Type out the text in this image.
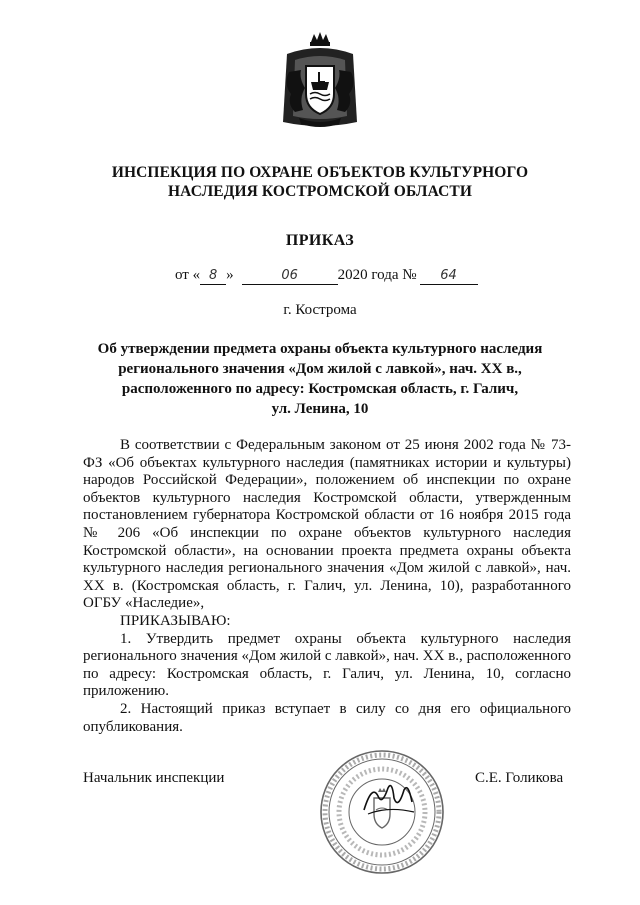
ИНСПЕКЦИЯ ПО ОХРАНЕ ОБЪЕКТОВ КУЛЬТУРНОГО
НАСЛЕДИЯ КОСТРОМСКОЙ ОБЛАСТИ
ПРИКАЗ
от « 8 »	06	2020 года № 64
г. Кострома
Об утверждении предмета охраны объекта культурного наследия
регионального значения «Дом жилой с лавкой», нач. XX в.,
расположенного по адресу: Костромская область, г. Галич,
ул. Ленина, 10

В соответствии с Федеральным законом от 25 июня 2002 года № 73-ФЗ «Об объектах культурного наследия (памятниках истории и культуры) народов Российской Федерации», положением об инспекции по охране объектов культурного наследия Костромской области, утвержденным постановлением губернатора Костромской области от 16 ноября 2015 года № 206 «Об инспекции по охране объектов культурного наследия Костромской области», на основании проекта предмета охраны объекта культурного наследия регионального значения «Дом жилой с лавкой», нач. XX в. (Костромская область, г. Галич, ул. Ленина, 10), разработанного ОГБУ «Наследие»,

ПРИКАЗЫВАЮ:

1. Утвердить предмет охраны объекта культурного наследия регионального значения «Дом жилой с лавкой», нач. XX в., расположенного по адресу: Костромская область, г. Галич, ул. Ленина, 10, согласно приложению.

2. Настоящий приказ вступает в силу со дня его официального опубликования.

Начальник инспекции	С.Е. Голикова
